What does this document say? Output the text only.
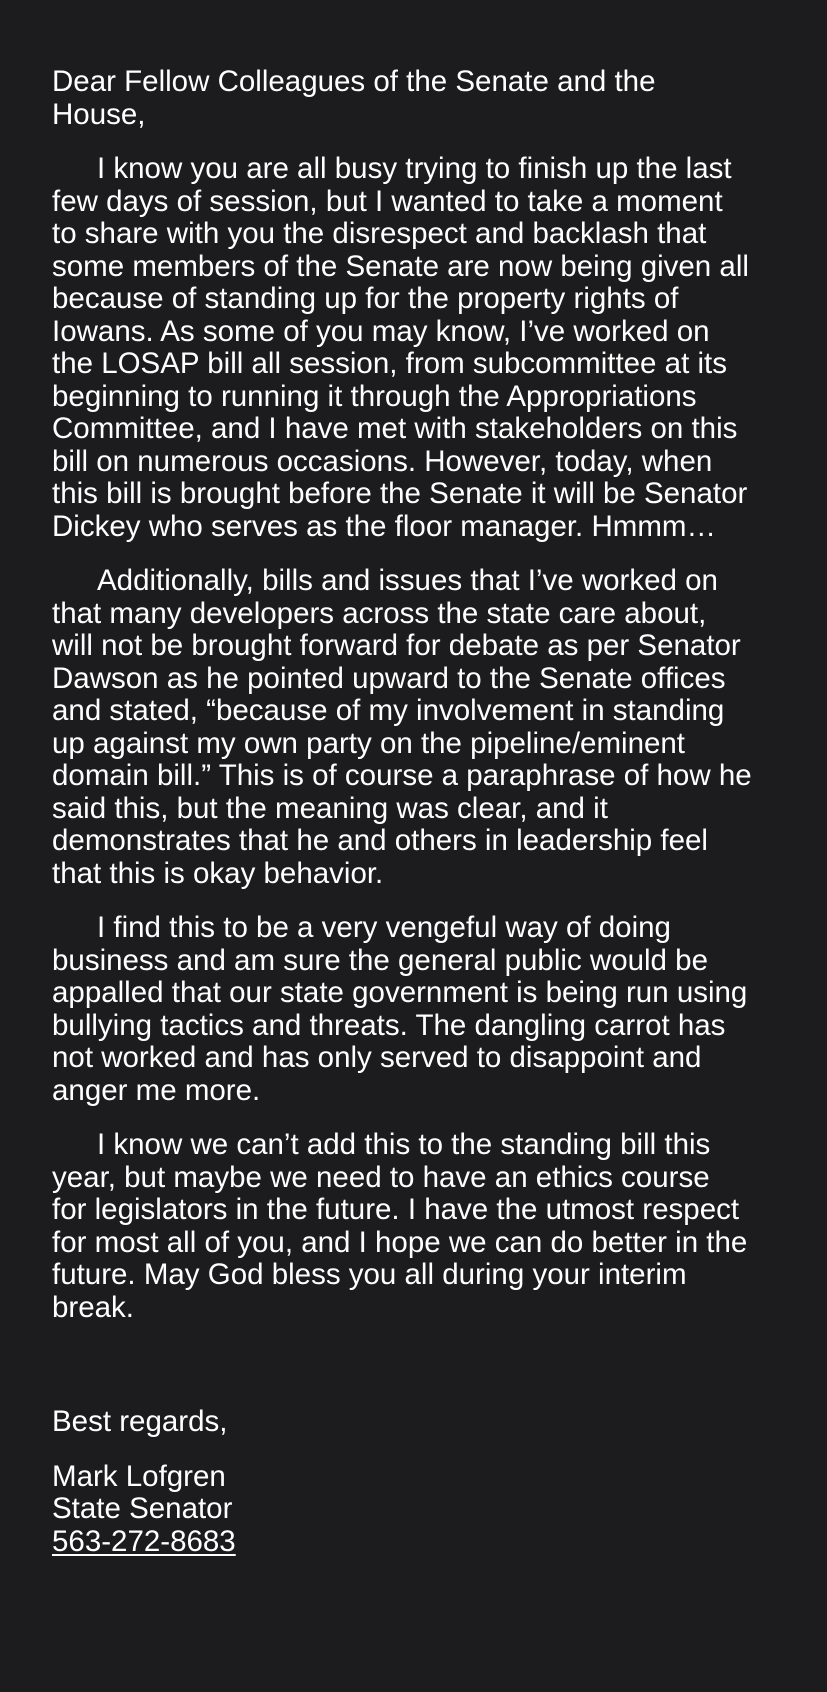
Dear Fellow Colleagues of the Senate and the House,

I know you are all busy trying to finish up the last few days of session, but I wanted to take a moment to share with you the disrespect and backlash that some members of the Senate are now being given all because of standing up for the property rights of Iowans. As some of you may know, I’ve worked on the LOSAP bill all session, from subcommittee at its beginning to running it through the Appropriations Committee, and I have met with stakeholders on this bill on numerous occasions. However, today, when this bill is brought before the Senate it will be Senator Dickey who serves as the floor manager. Hmmm…

Additionally, bills and issues that I’ve worked on that many developers across the state care about, will not be brought forward for debate as per Senator Dawson as he pointed upward to the Senate offices and stated, “because of my involvement in standing up against my own party on the pipeline/eminent domain bill.” This is of course a paraphrase of how he said this, but the meaning was clear, and it demonstrates that he and others in leadership feel that this is okay behavior.

I find this to be a very vengeful way of doing business and am sure the general public would be appalled that our state government is being run using bullying tactics and threats. The dangling carrot has not worked and has only served to disappoint and anger me more.

I know we can’t add this to the standing bill this year, but maybe we need to have an ethics course for legislators in the future. I have the utmost respect for most all of you, and I hope we can do better in the future. May God bless you all during your interim break.

Best regards,

Mark Lofgren
State Senator
563-272-8683
